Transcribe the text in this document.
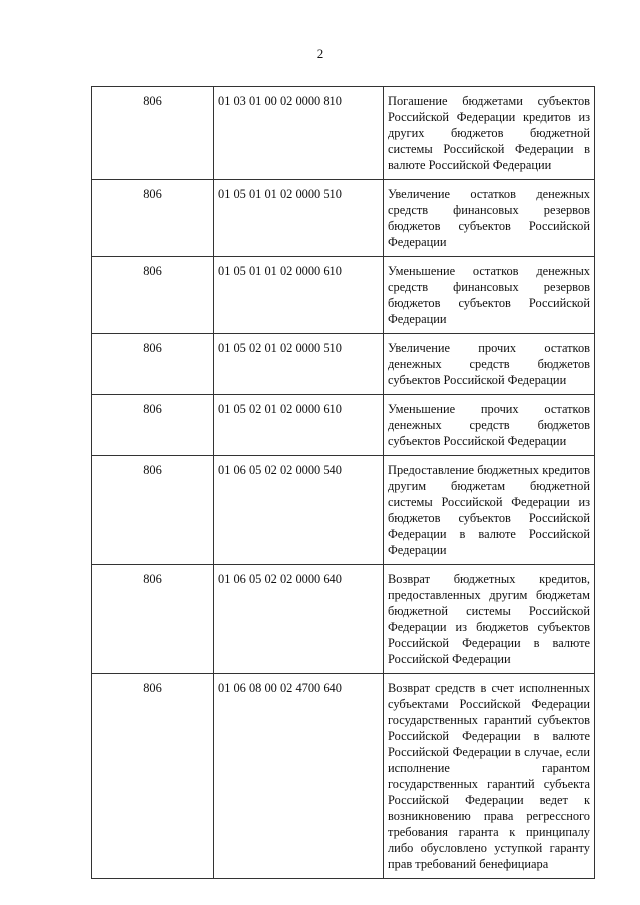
2
806	01 03 01 00 02 0000 810	Погашение бюджетами субъектов Российской Федерации кредитов из других бюджетов бюджетной системы Российской Федерации в валюте Российской Федерации
806	01 05 01 01 02 0000 510	Увеличение остатков денежных средств финансовых резервов бюджетов субъектов Российской Федерации
806	01 05 01 01 02 0000 610	Уменьшение остатков денежных средств финансовых резервов бюджетов субъектов Российской Федерации
806	01 05 02 01 02 0000 510	Увеличение прочих остатков денежных средств бюджетов субъектов Российской Федерации
806	01 05 02 01 02 0000 610	Уменьшение прочих остатков денежных средств бюджетов субъектов Российской Федерации
806	01 06 05 02 02 0000 540	Предоставление бюджетных кредитов другим бюджетам бюджетной системы Российской Федерации из бюджетов субъектов Российской Федерации в валюте Российской Федерации
806	01 06 05 02 02 0000 640	Возврат бюджетных кредитов, предоставленных другим бюджетам бюджетной системы Российской Федерации из бюджетов субъектов Российской Федерации в валюте Российской Федерации
806	01 06 08 00 02 4700 640	Возврат средств в счет исполненных субъектами Российской Федерации государственных гарантий субъектов Российской Федерации в валюте Российской Федерации в случае, если исполнение гарантом государственных гарантий субъекта Российской Федерации ведет к возникновению права регрессного требования гаранта к принципалу либо обусловлено уступкой гаранту прав требований бенефициара
